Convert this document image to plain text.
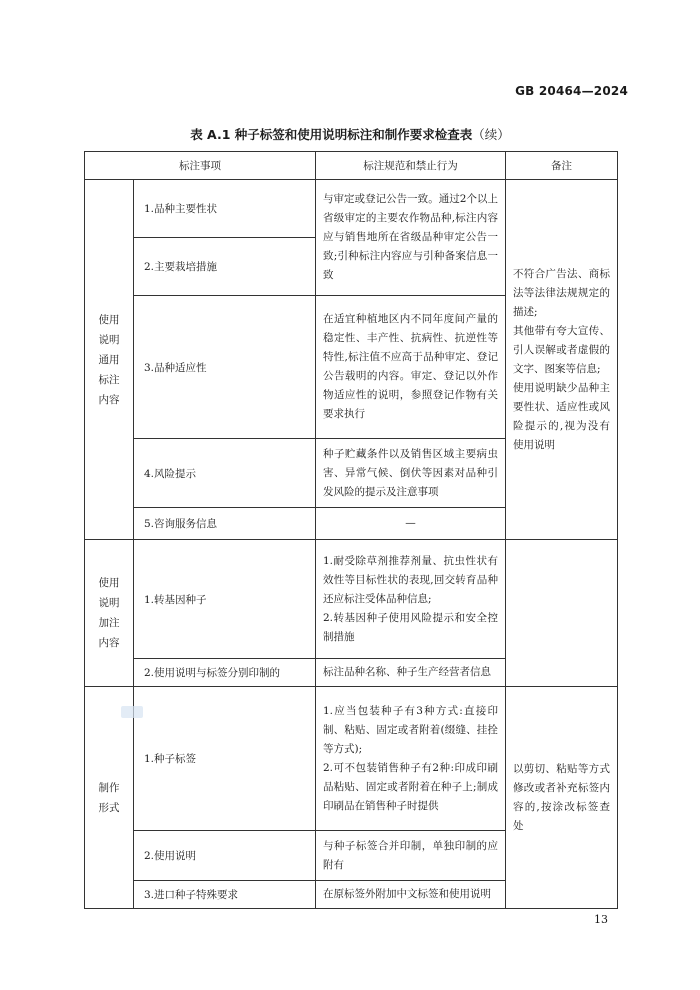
GB 20464—2024
表 A.1 种子标签和使用说明标注和制作要求检查表（续）
标注事项		标注规范和禁止行为	备注

使用说明通用标注内容	1.品种主要性状	与审定或登记公告一致。通过2个以上省级审定的主要农作物品种,标注内容应与销售地所在省级品种审定公告一致;引种标注内容应与引种备案信息一致	不符合广告法、商标法等法律法规规定的描述;
其他带有夸大宣传、引人误解或者虚假的文字、图案等信息;
使用说明缺少品种主要性状、适应性或风险提示的,视为没有使用说明
	2.主要栽培措施		
	3.品种适应性	在适宜种植地区内不同年度间产量的稳定性、丰产性、抗病性、抗逆性等特性,标注值不应高于品种审定、登记公告载明的内容。审定、登记以外作物适应性的说明，参照登记作物有关要求执行	
	4.风险提示	种子贮藏条件以及销售区域主要病虫害、异常气候、倒伏等因素对品种引发风险的提示及注意事项	
	5.咨询服务信息	—	

使用说明加注内容	1.转基因种子	1.耐受除草剂推荐剂量、抗虫性状有效性等目标性状的表现,回交转育品种还应标注受体品种信息;
2.转基因种子使用风险提示和安全控制措施	
	2.使用说明与标签分别印制的	标注品种名称、种子生产经营者信息	

制作形式	1.种子标签	1.应当包装种子有3种方式:直接印制、粘贴、固定或者附着(缀缝、挂拴等方式);
2.可不包装销售种子有2种:印成印刷品粘贴、固定或者附着在种子上;制成印刷品在销售种子时提供	以剪切、粘贴等方式修改或者补充标签内容的,按涂改标签查处
	2.使用说明	与种子标签合并印制，单独印制的应附有	
	3.进口种子特殊要求	在原标签外附加中文标签和使用说明	
13
